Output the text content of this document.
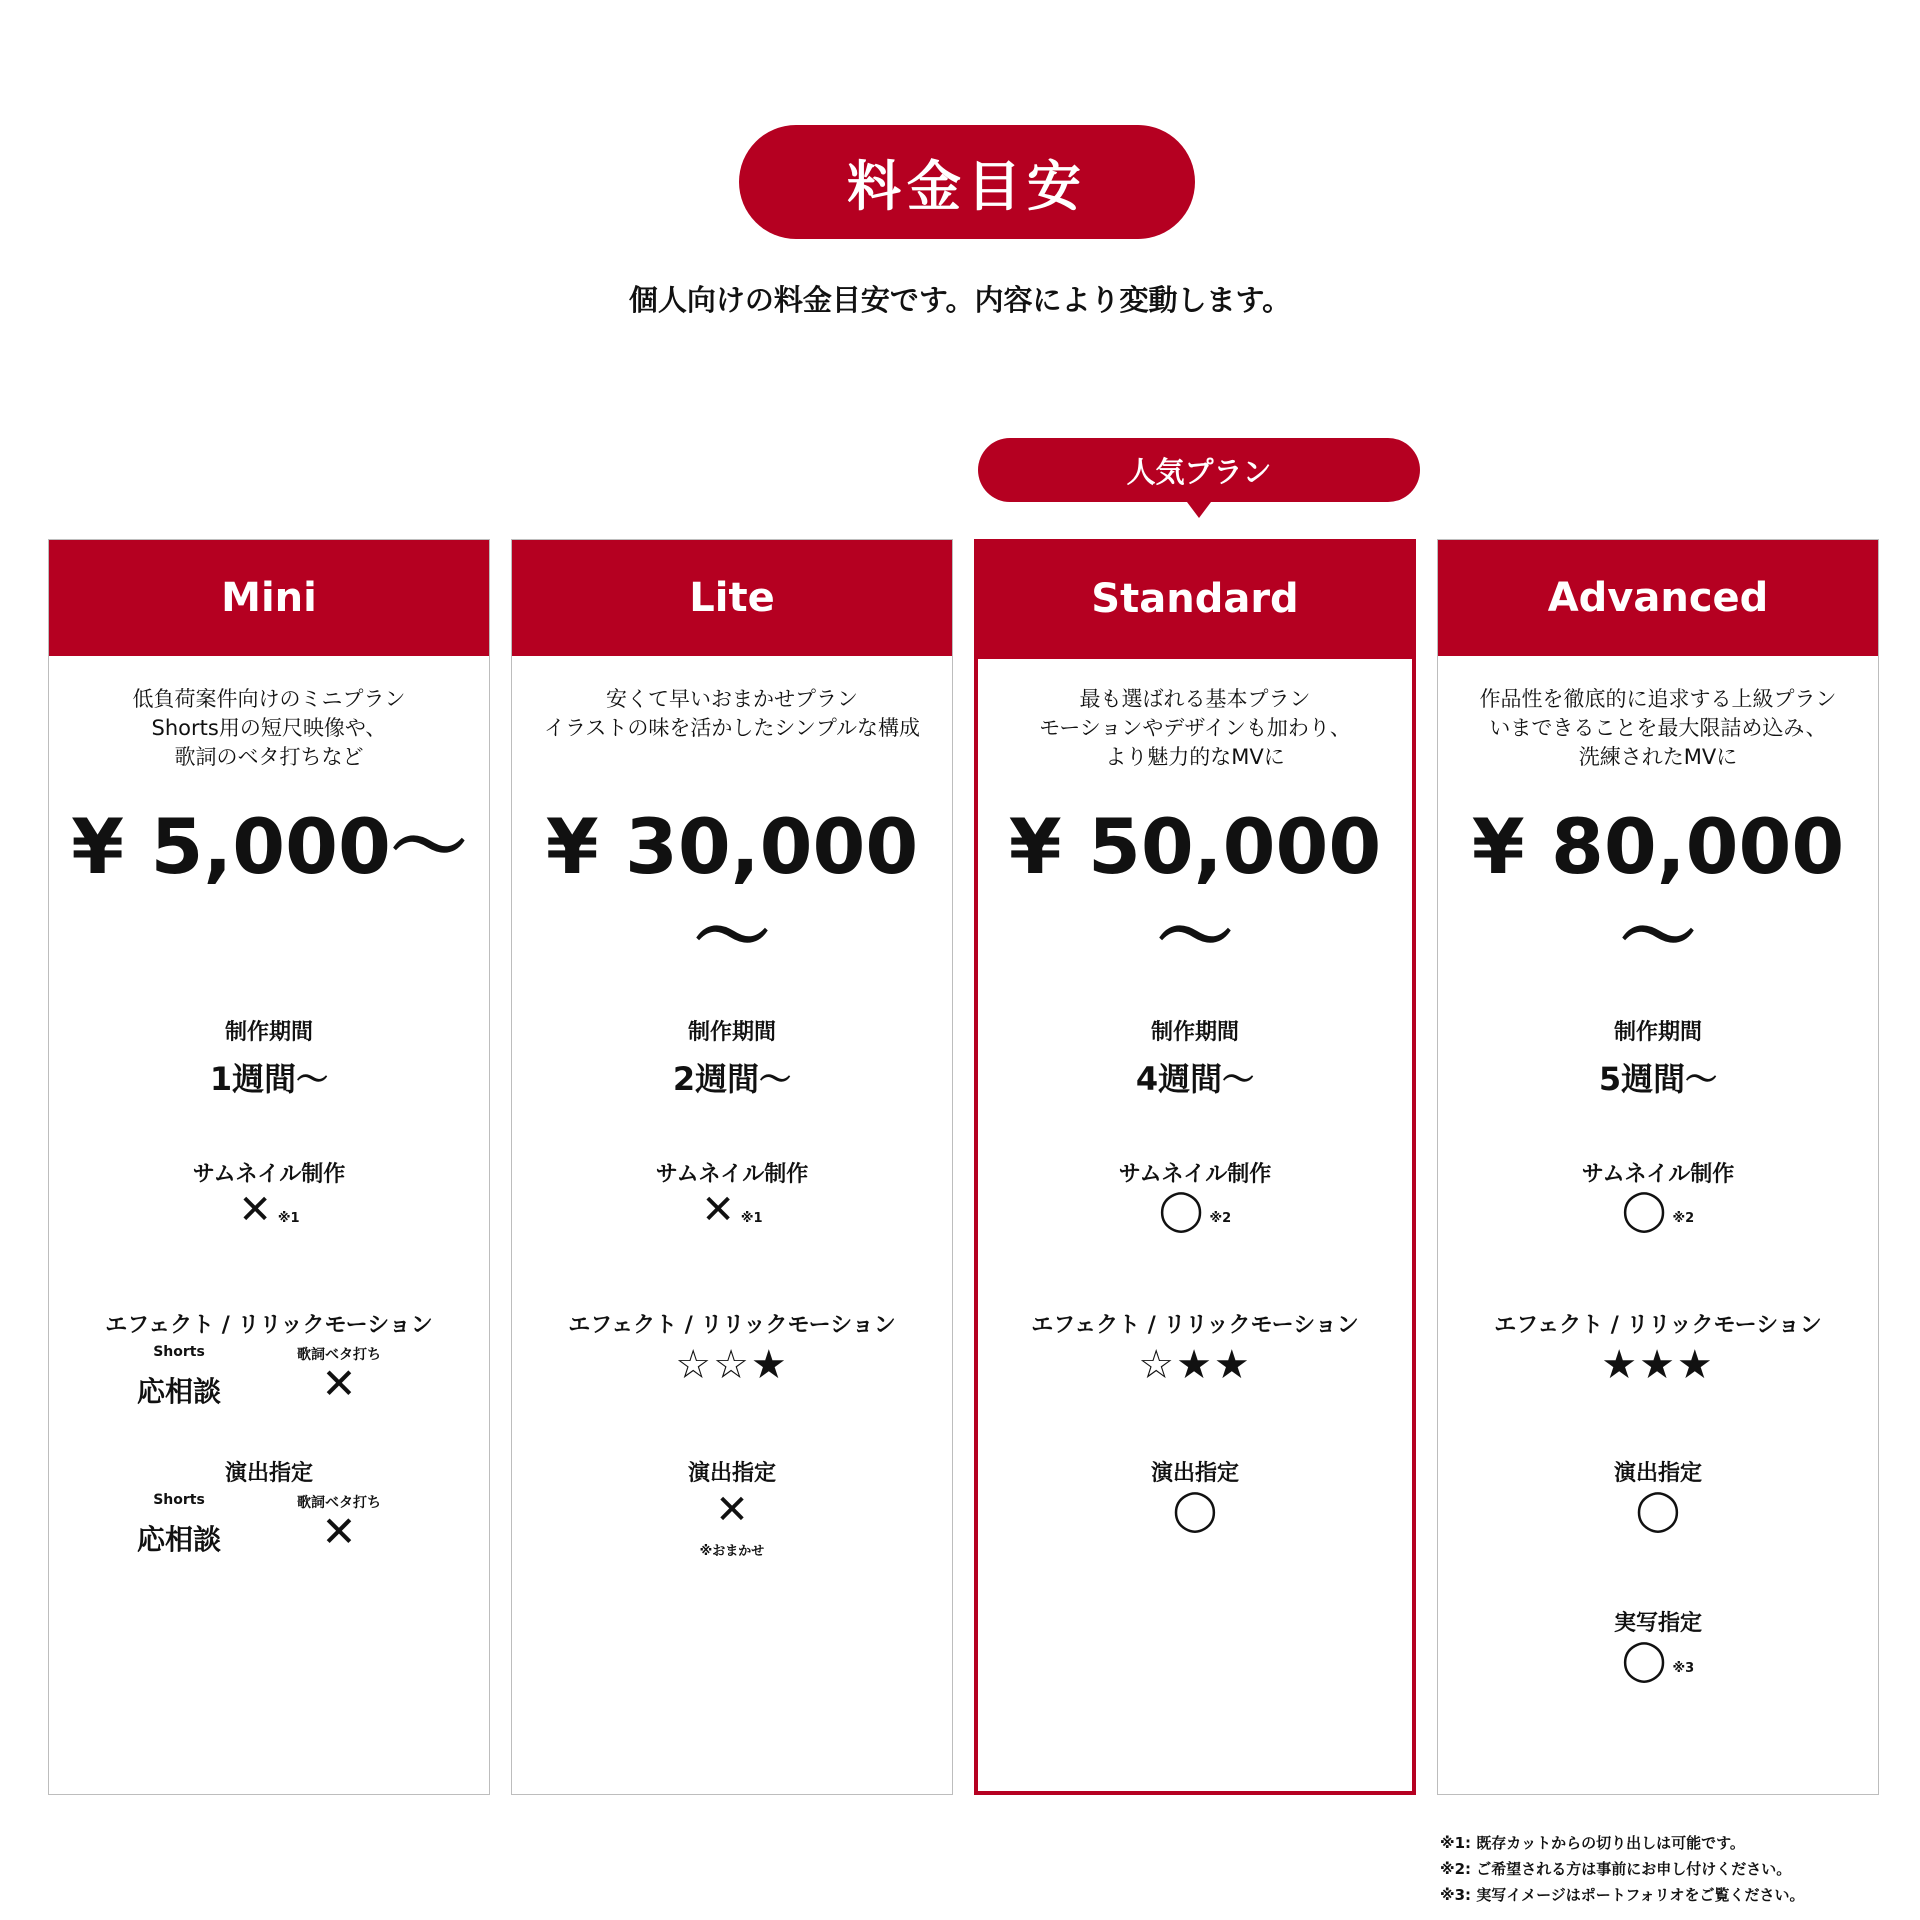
料金目安
個人向けの料金目安です。内容により変動します。
人気プラン
Mini
低負荷案件向けのミニプラン
Shorts用の短尺映像や、
歌詞のベタ打ちなど
¥ 5,000～
制作期間
1週間～
サムネイル制作
✕ ※1
エフェクト / リリックモーション
Shorts	歌詞ベタ打ち
応相談 ✕
演出指定
Shorts	歌詞ベタ打ち
応相談 ✕
Lite
安くて早いおまかせプラン
イラストの味を活かしたシンプルな構成
¥ 30,000～
制作期間
2週間～
サムネイル制作
✕ ※1
エフェクト / リリックモーション
☆☆★
演出指定
✕
※おまかせ
Standard
最も選ばれる基本プラン
モーションやデザインも加わり、
より魅力的なMVに
¥ 50,000～
制作期間
4週間～
サムネイル制作
◯ ※2
エフェクト / リリックモーション
☆★★
演出指定
◯
Advanced
作品性を徹底的に追求する上級プラン
いまできることを最大限詰め込み、
洗練されたMVに
¥ 80,000～
制作期間
5週間～
サムネイル制作
◯ ※2
エフェクト / リリックモーション
★★★
演出指定
◯
実写指定
◯ ※3
※1: 既存カットからの切り出しは可能です。
※2: ご希望される方は事前にお申し付けください。
※3: 実写イメージはポートフォリオをご覧ください。
